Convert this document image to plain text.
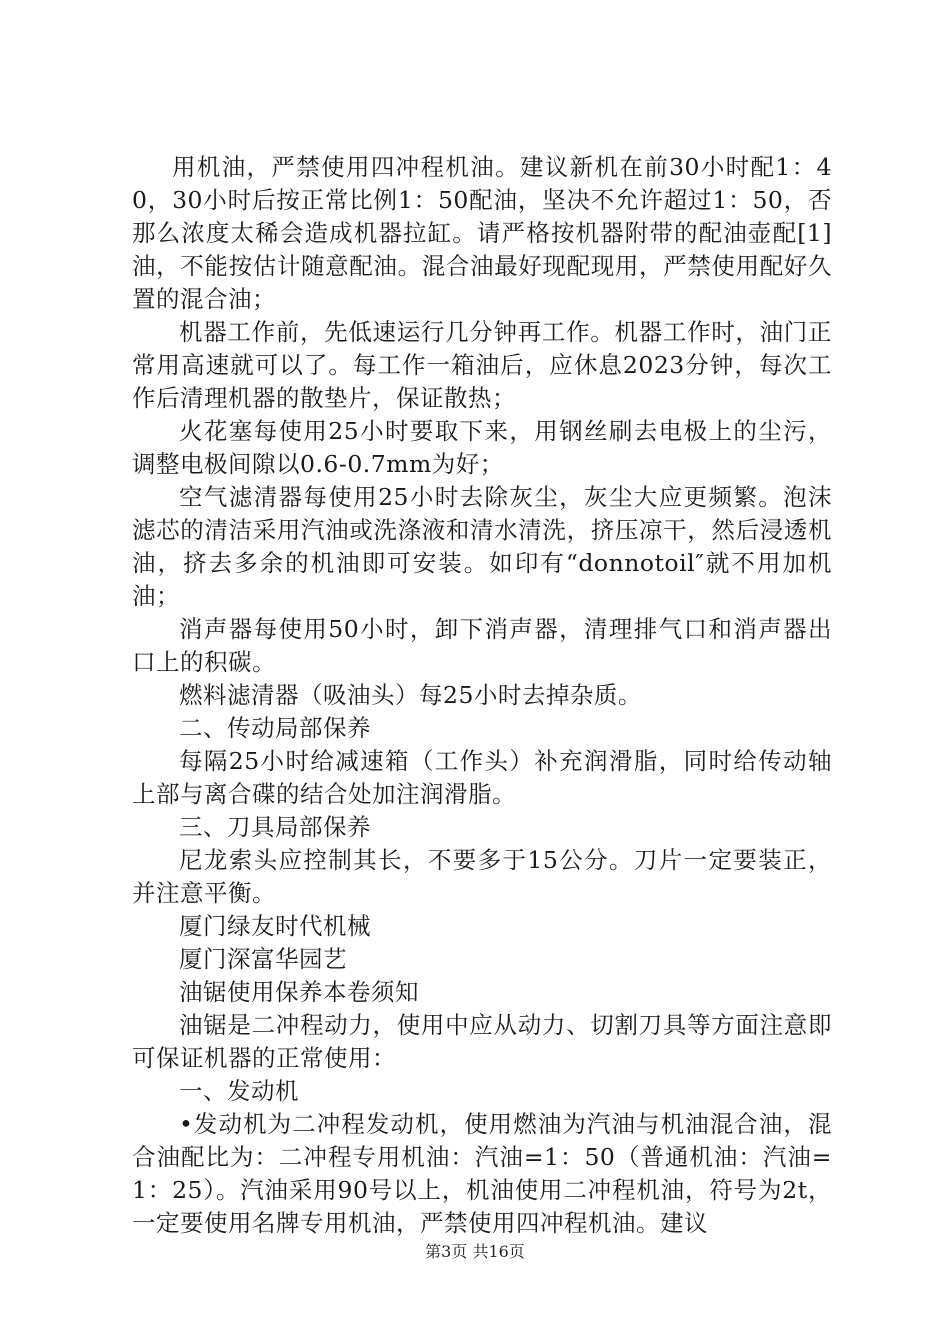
用机油，严禁使用四冲程机油。建议新机在前30小时配1：40，30小时后按正常比例1：50配油，坚决不允许超过1：50，否那么浓度太稀会造成机器拉缸。请严格按机器附带的配油壶配[1]油，不能按估计随意配油。混合油最好现配现用，严禁使用配好久置的混合油；

机器工作前，先低速运行几分钟再工作。机器工作时，油门正常用高速就可以了。每工作一箱油后，应休息2023分钟，每次工作后清理机器的散垫片，保证散热；

火花塞每使用25小时要取下来，用钢丝刷去电极上的尘污，调整电极间隙以0.6-0.7mm为好；

空气滤清器每使用25小时去除灰尘，灰尘大应更频繁。泡沫滤芯的清洁采用汽油或洗涤液和清水清洗，挤压凉干，然后浸透机油，挤去多余的机油即可安装。如印有“donnotoil″就不用加机油；

消声器每使用50小时，卸下消声器，清理排气口和消声器出口上的积碳。

燃料滤清器（吸油头）每25小时去掉杂质。

二、传动局部保养

每隔25小时给减速箱（工作头）补充润滑脂，同时给传动轴上部与离合碟的结合处加注润滑脂。

三、刀具局部保养

尼龙索头应控制其长，不要多于15公分。刀片一定要装正，并注意平衡。

厦门绿友时代机械

厦门深富华园艺

油锯使用保养本卷须知

油锯是二冲程动力，使用中应从动力、切割刀具等方面注意即可保证机器的正常使用：

一、发动机

•发动机为二冲程发动机，使用燃油为汽油与机油混合油，混合油配比为：二冲程专用机油：汽油=1：50（普通机油：汽油=1：25）。汽油采用90号以上，机油使用二冲程机油，符号为2t，一定要使用名牌专用机油，严禁使用四冲程机油。建议

第3页 共16页
